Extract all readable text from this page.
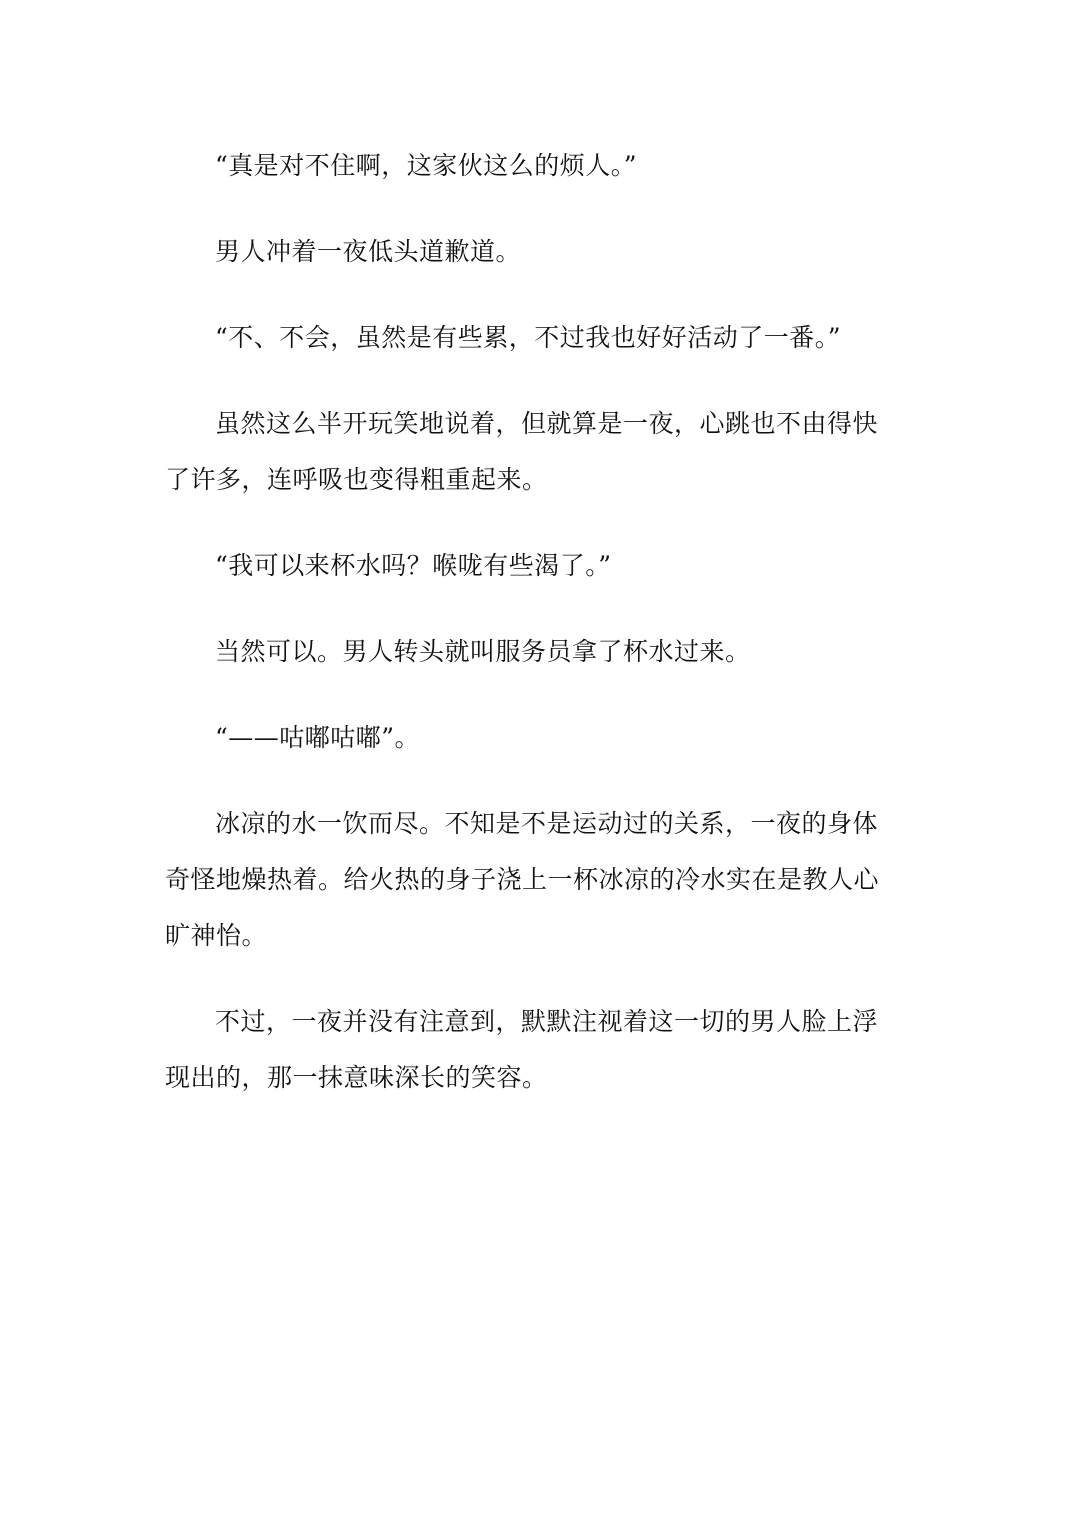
“真是对不住啊，这家伙这么的烦人。”

男人冲着一夜低头道歉道。

“不、不会，虽然是有些累，不过我也好好活动了一番。”

虽然这么半开玩笑地说着，但就算是一夜，心跳也不由得快了许多，连呼吸也变得粗重起来。

“我可以来杯水吗？喉咙有些渴了。”

当然可以。男人转头就叫服务员拿了杯水过来。

“——咕嘟咕嘟”。

冰凉的水一饮而尽。不知是不是运动过的关系，一夜的身体奇怪地燥热着。给火热的身子浇上一杯冰凉的冷水实在是教人心旷神怡。

不过，一夜并没有注意到，默默注视着这一切的男人脸上浮现出的，那一抹意味深长的笑容。
